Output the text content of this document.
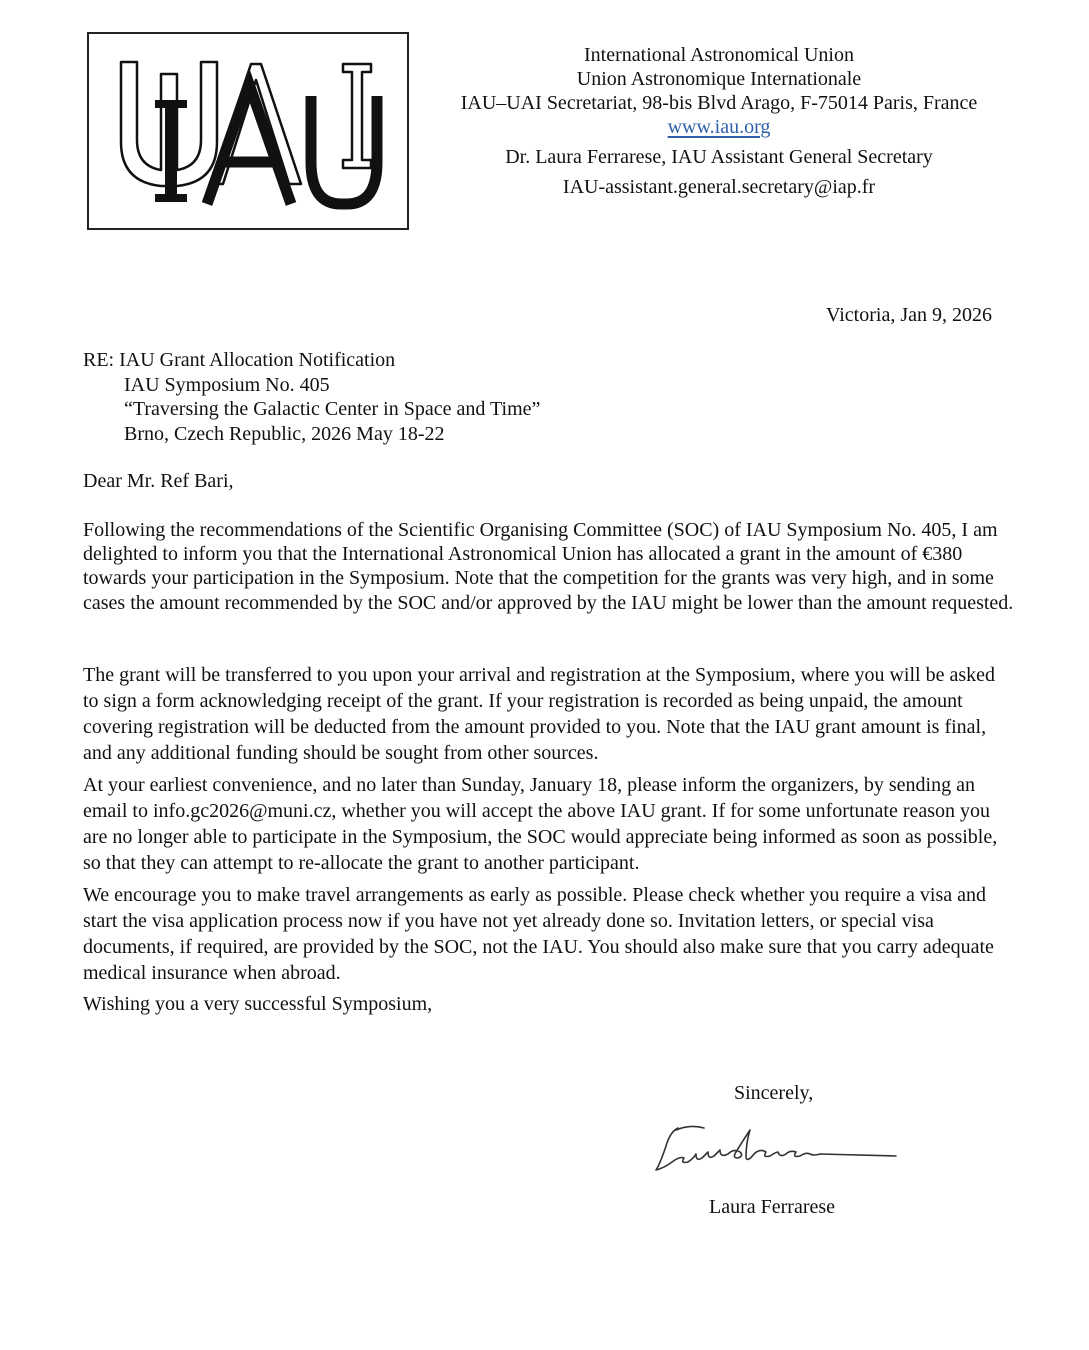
International Astronomical Union
Union Astronomique Internationale
IAU–UAI Secretariat, 98-bis Blvd Arago, F-75014 Paris, France
www.iau.org
Dr. Laura Ferrarese, IAU Assistant General Secretary
IAU-assistant.general.secretary@iap.fr
Victoria, Jan 9, 2026
RE: IAU Grant Allocation Notification
IAU Symposium No. 405
“Traversing the Galactic Center in Space and Time”
Brno, Czech Republic, 2026 May 18-22
Dear Mr. Ref Bari,

Following the recommendations of the Scientific Organising Committee (SOC) of IAU Symposium No. 405, I am delighted to inform you that the International Astronomical Union has allocated a grant in the amount of €380 towards your participation in the Symposium. Note that the competition for the grants was very high, and in some cases the amount recommended by the SOC and/or approved by the IAU might be lower than the amount requested.

The grant will be transferred to you upon your arrival and registration at the Symposium, where you will be asked to sign a form acknowledging receipt of the grant. If your registration is recorded as being unpaid, the amount covering registration will be deducted from the amount provided to you. Note that the IAU grant amount is final, and any additional funding should be sought from other sources.

At your earliest convenience, and no later than Sunday, January 18, please inform the organizers, by sending an email to info.gc2026@muni.cz, whether you will accept the above IAU grant. If for some unfortunate reason you are no longer able to participate in the Symposium, the SOC would appreciate being informed as soon as possible, so that they can attempt to re-allocate the grant to another participant.

We encourage you to make travel arrangements as early as possible. Please check whether you require a visa and start the visa application process now if you have not yet already done so. Invitation letters, or special visa documents, if required, are provided by the SOC, not the IAU. You should also make sure that you carry adequate medical insurance when abroad.

Wishing you a very successful Symposium,

Sincerely,
Laura Ferrarese
